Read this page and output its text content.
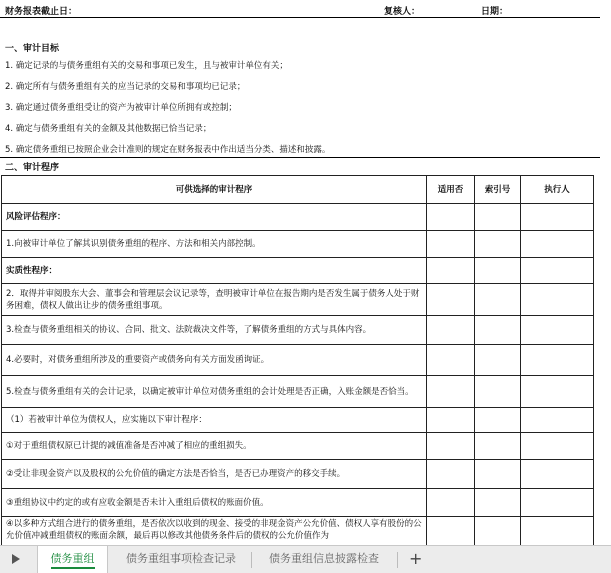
财务报表截止日：	复核人：	日期：
一、审计目标
1. 确定记录的与债务重组有关的交易和事项已发生，且与被审计单位有关；
2. 确定所有与债务重组有关的应当记录的交易和事项均已记录；
3. 确定通过债务重组受让的资产为被审计单位所拥有或控制；
4. 确定与债务重组有关的金额及其他数据已恰当记录；
5. 确定债务重组已按照企业会计准则的规定在财务报表中作出适当分类、描述和披露。
二、审计程序
可供选择的审计程序	适用否	索引号	执行人
风险评估程序：			
1.向被审计单位了解其识别债务重组的程序、方法和相关内部控制。			
实质性程序：			
2．取得并审阅股东大会、董事会和管理层会议记录等，查明被审计单位在报告期内是否发生属于债务人处于财务困难，债权人做出让步的债务重组事项。			
3.检查与债务重组相关的协议、合同、批文、法院裁决文件等，了解债务重组的方式与具体内容。			
4.必要时，对债务重组所涉及的重要资产或债务向有关方面发函询证。			
5.检查与债务重组有关的会计记录，以确定被审计单位对债务重组的会计处理是否正确，入账金额是否恰当。			
（1）若被审计单位为债权人，应实施以下审计程序：			
①对于重组债权原已计提的减值准备是否冲减了相应的重组损失。			
②受让非现金资产以及股权的公允价值的确定方法是否恰当，是否已办理资产的移交手续。			
③重组协议中约定的或有应收金额是否未计入重组后债权的账面价值。			
④以多种方式组合进行的债务重组，是否依次以收到的现金、接受的非现金资产公允价值、债权人享有股份的公允价值冲减重组债权的账面余额，最后再以修改其他债务条件后的债权的公允价值作为			
债务重组	债务重组事项检查记录	债务重组信息披露检查	+
